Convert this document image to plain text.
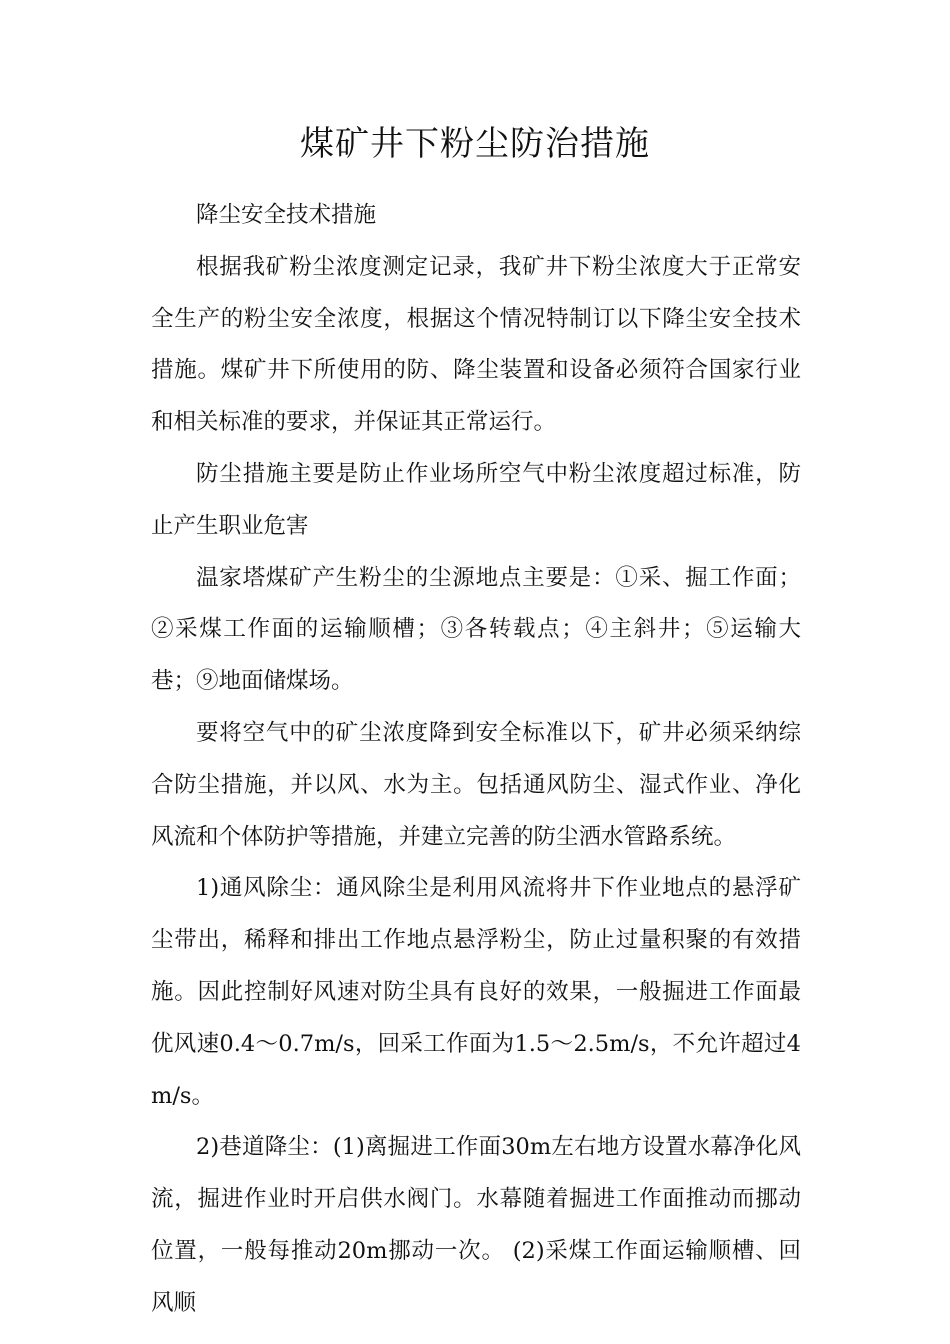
煤矿井下粉尘防治措施

降尘安全技术措施

根据我矿粉尘浓度测定记录，我矿井下粉尘浓度大于正常安全生产的粉尘安全浓度，根据这个情况特制订以下降尘安全技术措施。煤矿井下所使用的防、降尘装置和设备必须符合国家行业和相关标准的要求，并保证其正常运行。

防尘措施主要是防止作业场所空气中粉尘浓度超过标准，防止产生职业危害

温家塔煤矿产生粉尘的尘源地点主要是：①采、掘工作面；②采煤工作面的运输顺槽；③各转载点；④主斜井；⑤运输大巷；⑨地面储煤场。

要将空气中的矿尘浓度降到安全标准以下，矿井必须采纳综合防尘措施，并以风、水为主。包括通风防尘、湿式作业、净化风流和个体防护等措施，并建立完善的防尘洒水管路系统。

1)通风除尘：通风除尘是利用风流将井下作业地点的悬浮矿尘带出，稀释和排出工作地点悬浮粉尘，防止过量积聚的有效措施。因此控制好风速对防尘具有良好的效果，一般掘进工作面最优风速0.4～0.7m/s，回采工作面为1.5～2.5m/s，不允许超过4m/s。

2)巷道降尘：(1)离掘进工作面30m左右地方设置水幕净化风流，掘进作业时开启供水阀门。水幕随着掘进工作面推动而挪动位置，一般每推动20m挪动一次。 (2)采煤工作面运输顺槽、回风顺
